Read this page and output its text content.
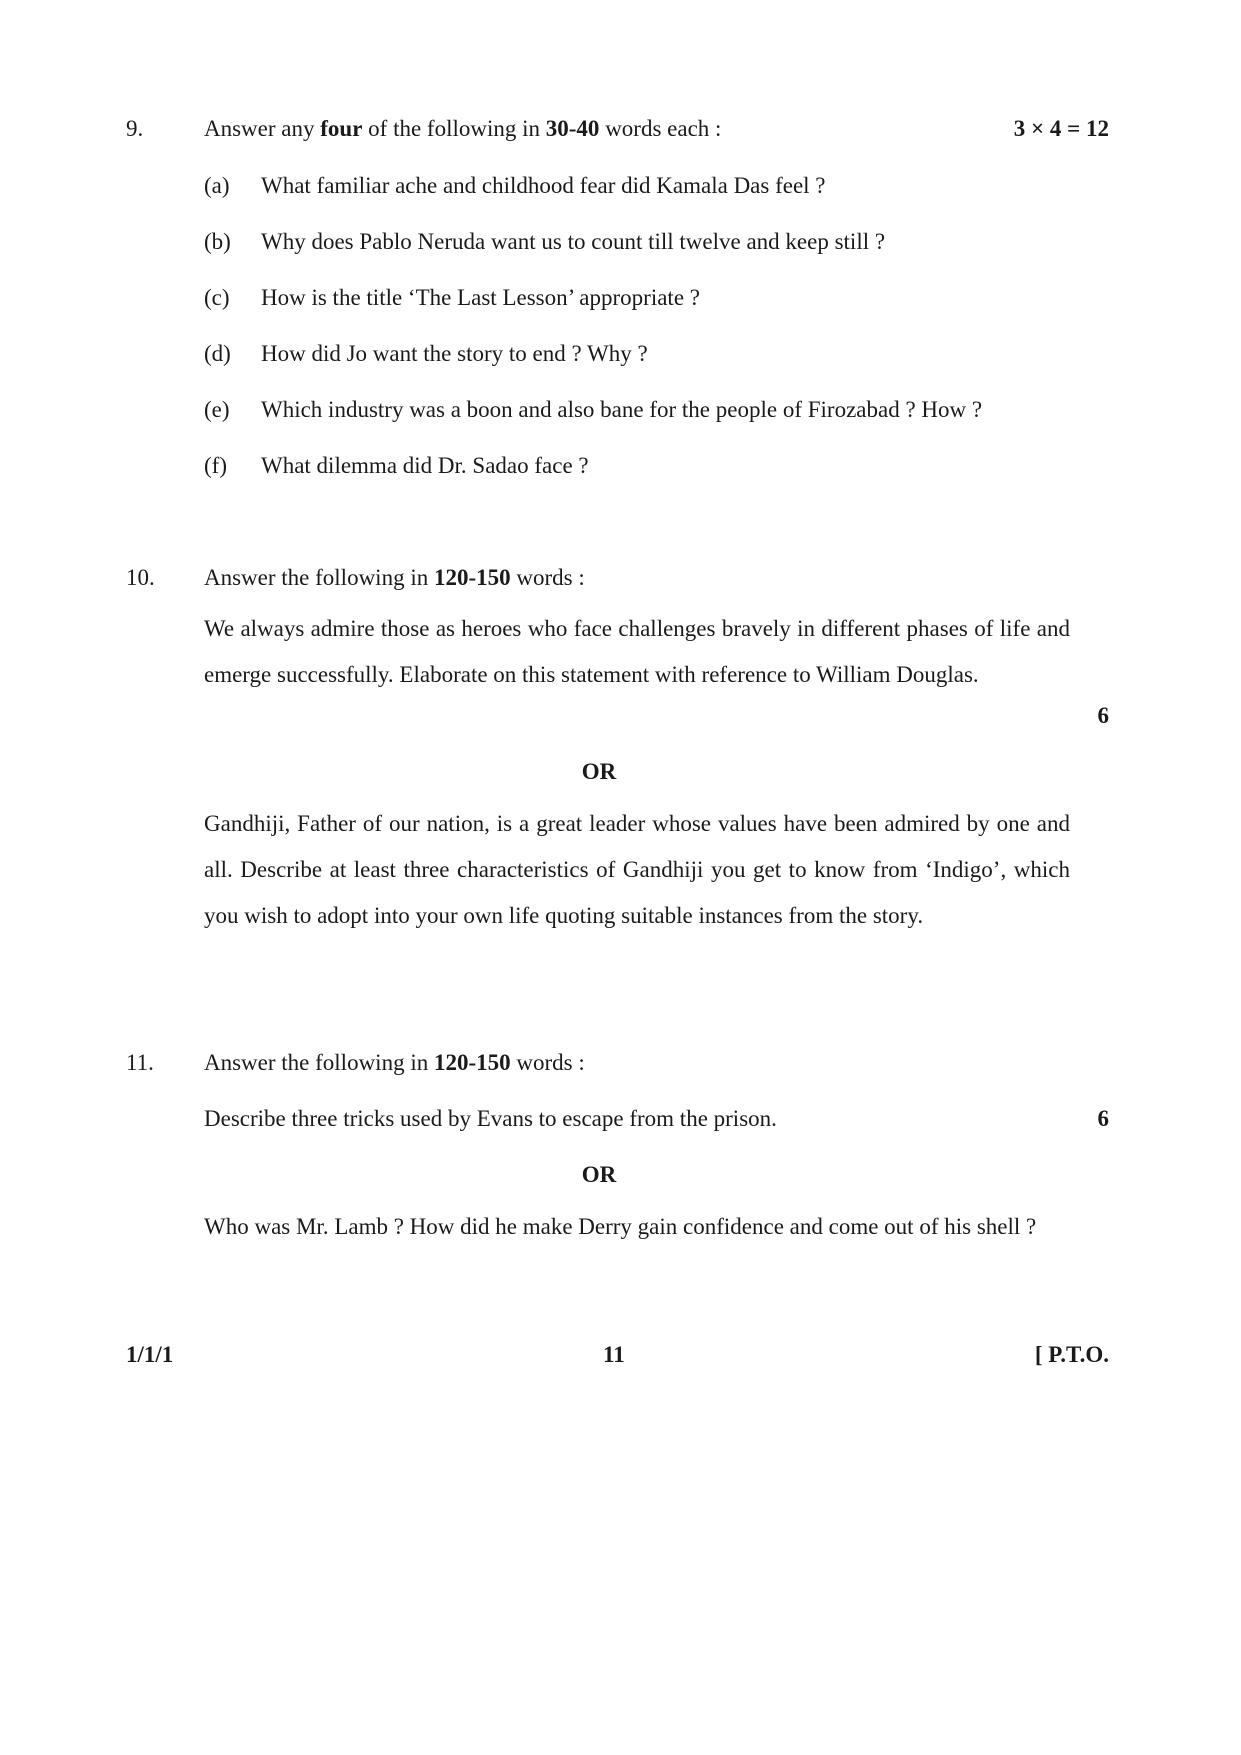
9.	Answer any four of the following in 30-40 words each :	3 × 4 = 12
(a) What familiar ache and childhood fear did Kamala Das feel ?
(b) Why does Pablo Neruda want us to count till twelve and keep still ?
(c) How is the title ‘The Last Lesson’ appropriate ?
(d) How did Jo want the story to end ? Why ?
(e) Which industry was a boon and also bane for the people of Firozabad ? How ?
(f) What dilemma did Dr. Sadao face ?
10. Answer the following in 120-150 words :
We always admire those as heroes who face challenges bravely in different phases of life and emerge successfully. Elaborate on this statement with reference to William Douglas.
6
OR
Gandhiji, Father of our nation, is a great leader whose values have been admired by one and all. Describe at least three characteristics of Gandhiji you get to know from ‘Indigo’, which you wish to adopt into your own life quoting suitable instances from the story.
11. Answer the following in 120-150 words :
Describe three tricks used by Evans to escape from the prison.	6
OR
Who was Mr. Lamb ? How did he make Derry gain confidence and come out of his shell ?
1/1/1	11	[ P.T.O.
